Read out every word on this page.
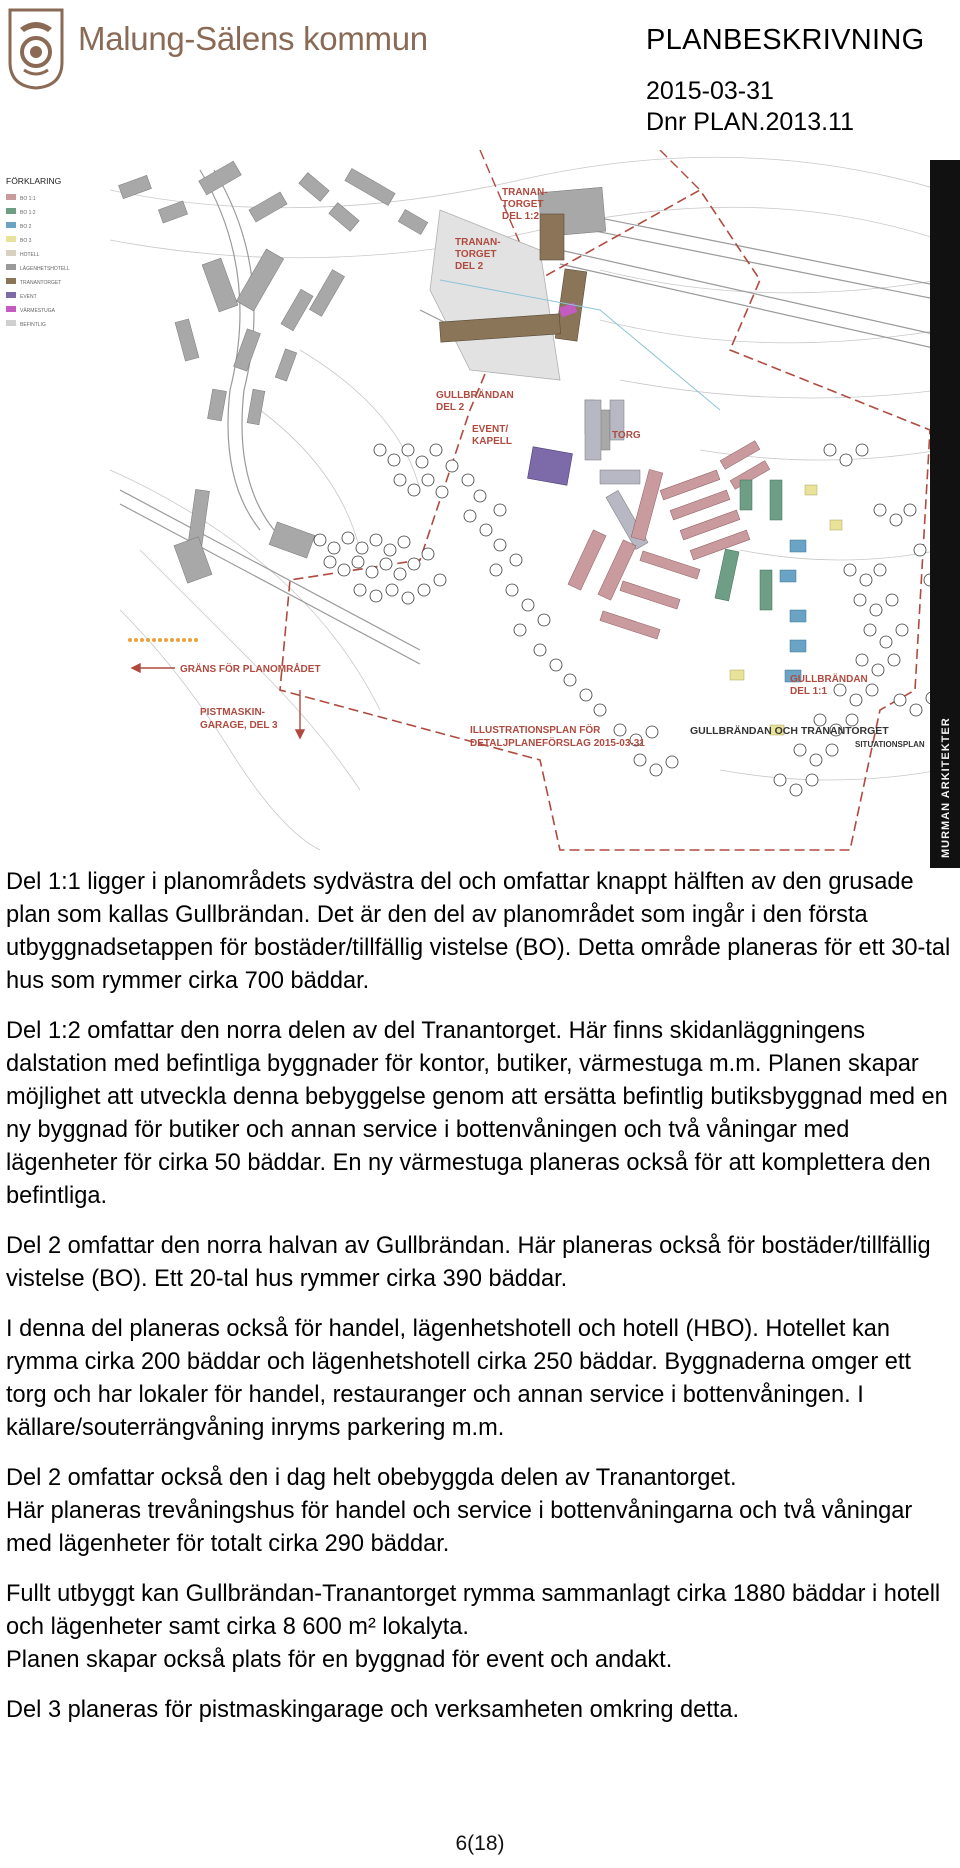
Malung-Sälens kommun	PLANBESKRIVNING
2015-03-31
Dnr PLAN.2013.11
FÖRKLARING
BO 1:1
BO 1:2
BO 2
BO 3
HOTELL
LÄGENHETSHOTELL
TRANANTORGET
EVENT
VÄRMESTUGA
BEFINTLIG
TRANAN-
TORGET
DEL 1:2
TRANAN-
TORGET
DEL 2
GULLBRÄNDAN
DEL 2
EVENT/
KAPELL
TORG
GULLBRÄNDAN
DEL 1:1
GRÄNS FÖR PLANOMRÅDET
PISTMASKIN-
GARAGE, DEL 3	ILLUSTRATIONSPLAN FÖR
DETALJPLANEFÖRSLAG 2015-03-31
GULLBRÄNDAN OCH TRANANTORGET
SITUATIONSPLAN MURMAN ARKITEKTER

Del 1:1 ligger i planområdets sydvästra del och omfattar knappt hälften av den grusade plan som kallas Gullbrändan. Det är den del av planområdet som ingår i den första utbyggnadsetappen för bostäder/tillfällig vistelse (BO). Detta område planeras för ett 30-tal hus som rymmer cirka 700 bäddar.

Del 1:2 omfattar den norra delen av del Tranantorget. Här finns skidanläggningens dalstation med befintliga byggnader för kontor, butiker, värmestuga m.m. Planen skapar möjlighet att utveckla denna bebyggelse genom att ersätta befintlig butiksbyggnad med en ny byggnad för butiker och annan service i bottenvåningen och två våningar med lägenheter för cirka 50 bäddar. En ny värmestuga planeras också för att komplettera den befintliga.

Del 2 omfattar den norra halvan av Gullbrändan. Här planeras också för bostäder/tillfällig vistelse (BO). Ett 20-tal hus rymmer cirka 390 bäddar.

I denna del planeras också för handel, lägenhetshotell och hotell (HBO). Hotellet kan rymma cirka 200 bäddar och lägenhetshotell cirka 250 bäddar. Byggnaderna omger ett torg och har lokaler för handel, restauranger och annan service i bottenvåningen. I källare/souterrängvåning inryms parkering m.m.

Del 2 omfattar också den i dag helt obebyggda delen av Tranantorget.
Här planeras trevåningshus för handel och service i bottenvåningarna och två våningar med lägenheter för totalt cirka 290 bäddar.

Fullt utbyggt kan Gullbrändan-Tranantorget rymma sammanlagt cirka 1880 bäddar i hotell och lägenheter samt cirka 8 600 m² lokalyta.
Planen skapar också plats för en byggnad för event och andakt.

Del 3 planeras för pistmaskingarage och verksamheten omkring detta.

6(18)
